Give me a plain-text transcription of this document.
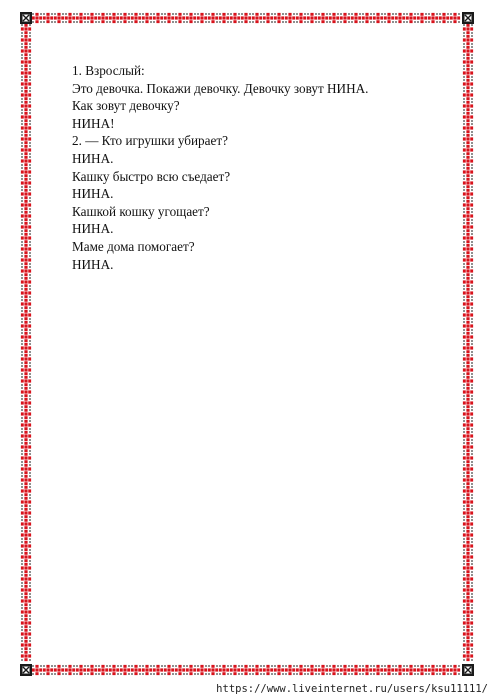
1. Взрослый:
Это девочка. Покажи девочку. Девочку зовут НИНА.
Как зовут девочку?
НИНА!
2. — Кто игрушки убирает?
НИНА.
Кашку быстро всю съедает?
НИНА.
Кашкой кошку угощает?
НИНА.
Маме дома помогает?
НИНА.
https://www.liveinternet.ru/users/ksu11111/
